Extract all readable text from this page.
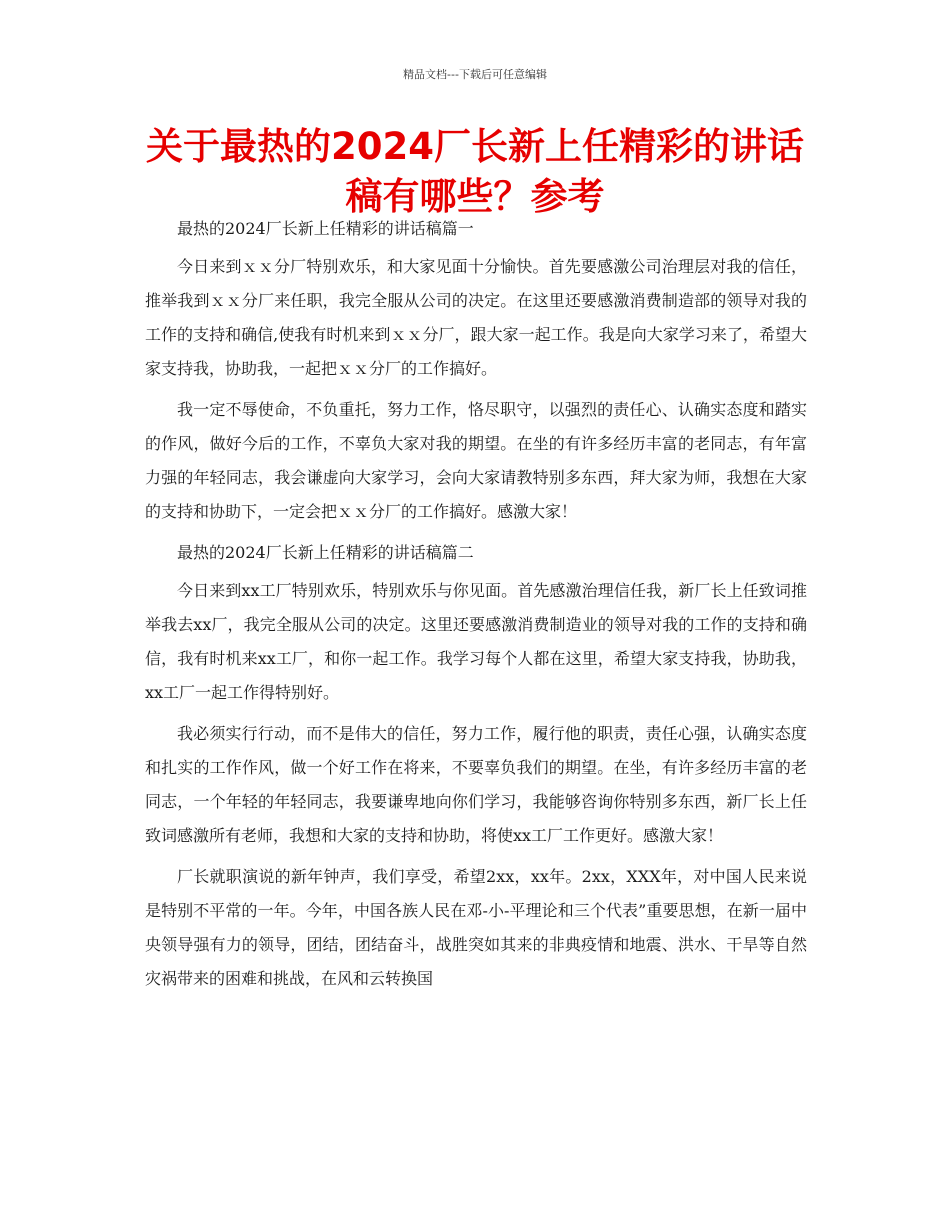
精品文档---下载后可任意编辑
关于最热的2024厂长新上任精彩的讲话稿有哪些？参考

最热的2024厂长新上任精彩的讲话稿篇一

今日来到ｘｘ分厂特别欢乐，和大家见面十分愉快。首先要感激公司治理层对我的信任，推举我到ｘｘ分厂来任职，我完全服从公司的决定。在这里还要感激消费制造部的领导对我的工作的支持和确信,使我有时机来到ｘｘ分厂，跟大家一起工作。我是向大家学习来了，希望大家支持我，协助我，一起把ｘｘ分厂的工作搞好。

我一定不辱使命，不负重托，努力工作，恪尽职守，以强烈的责任心、认确实态度和踏实的作风，做好今后的工作，不辜负大家对我的期望。在坐的有许多经历丰富的老同志，有年富力强的年轻同志，我会谦虚向大家学习，会向大家请教特别多东西，拜大家为师，我想在大家的支持和协助下，一定会把ｘｘ分厂的工作搞好。感激大家！

最热的2024厂长新上任精彩的讲话稿篇二

今日来到xx工厂特别欢乐，特别欢乐与你见面。首先感激治理信任我，新厂长上任致词推举我去xx厂，我完全服从公司的决定。这里还要感激消费制造业的领导对我的工作的支持和确信，我有时机来xx工厂，和你一起工作。我学习每个人都在这里，希望大家支持我，协助我，xx工厂一起工作得特别好。

我必须实行行动，而不是伟大的信任，努力工作，履行他的职责，责任心强，认确实态度和扎实的工作作风，做一个好工作在将来，不要辜负我们的期望。在坐，有许多经历丰富的老同志，一个年轻的年轻同志，我要谦卑地向你们学习，我能够咨询你特别多东西，新厂长上任致词感激所有老师，我想和大家的支持和协助，将使xx工厂工作更好。感激大家！

厂长就职演说的新年钟声，我们享受，希望2xx，xx年。2xx，XXX年，对中国人民来说是特别不平常的一年。今年，中国各族人民在邓-小-平理论和三个代表”重要思想，在新一届中央领导强有力的领导，团结，团结奋斗，战胜突如其来的非典疫情和地震、洪水、干旱等自然灾祸带来的困难和挑战，在风和云转换国
